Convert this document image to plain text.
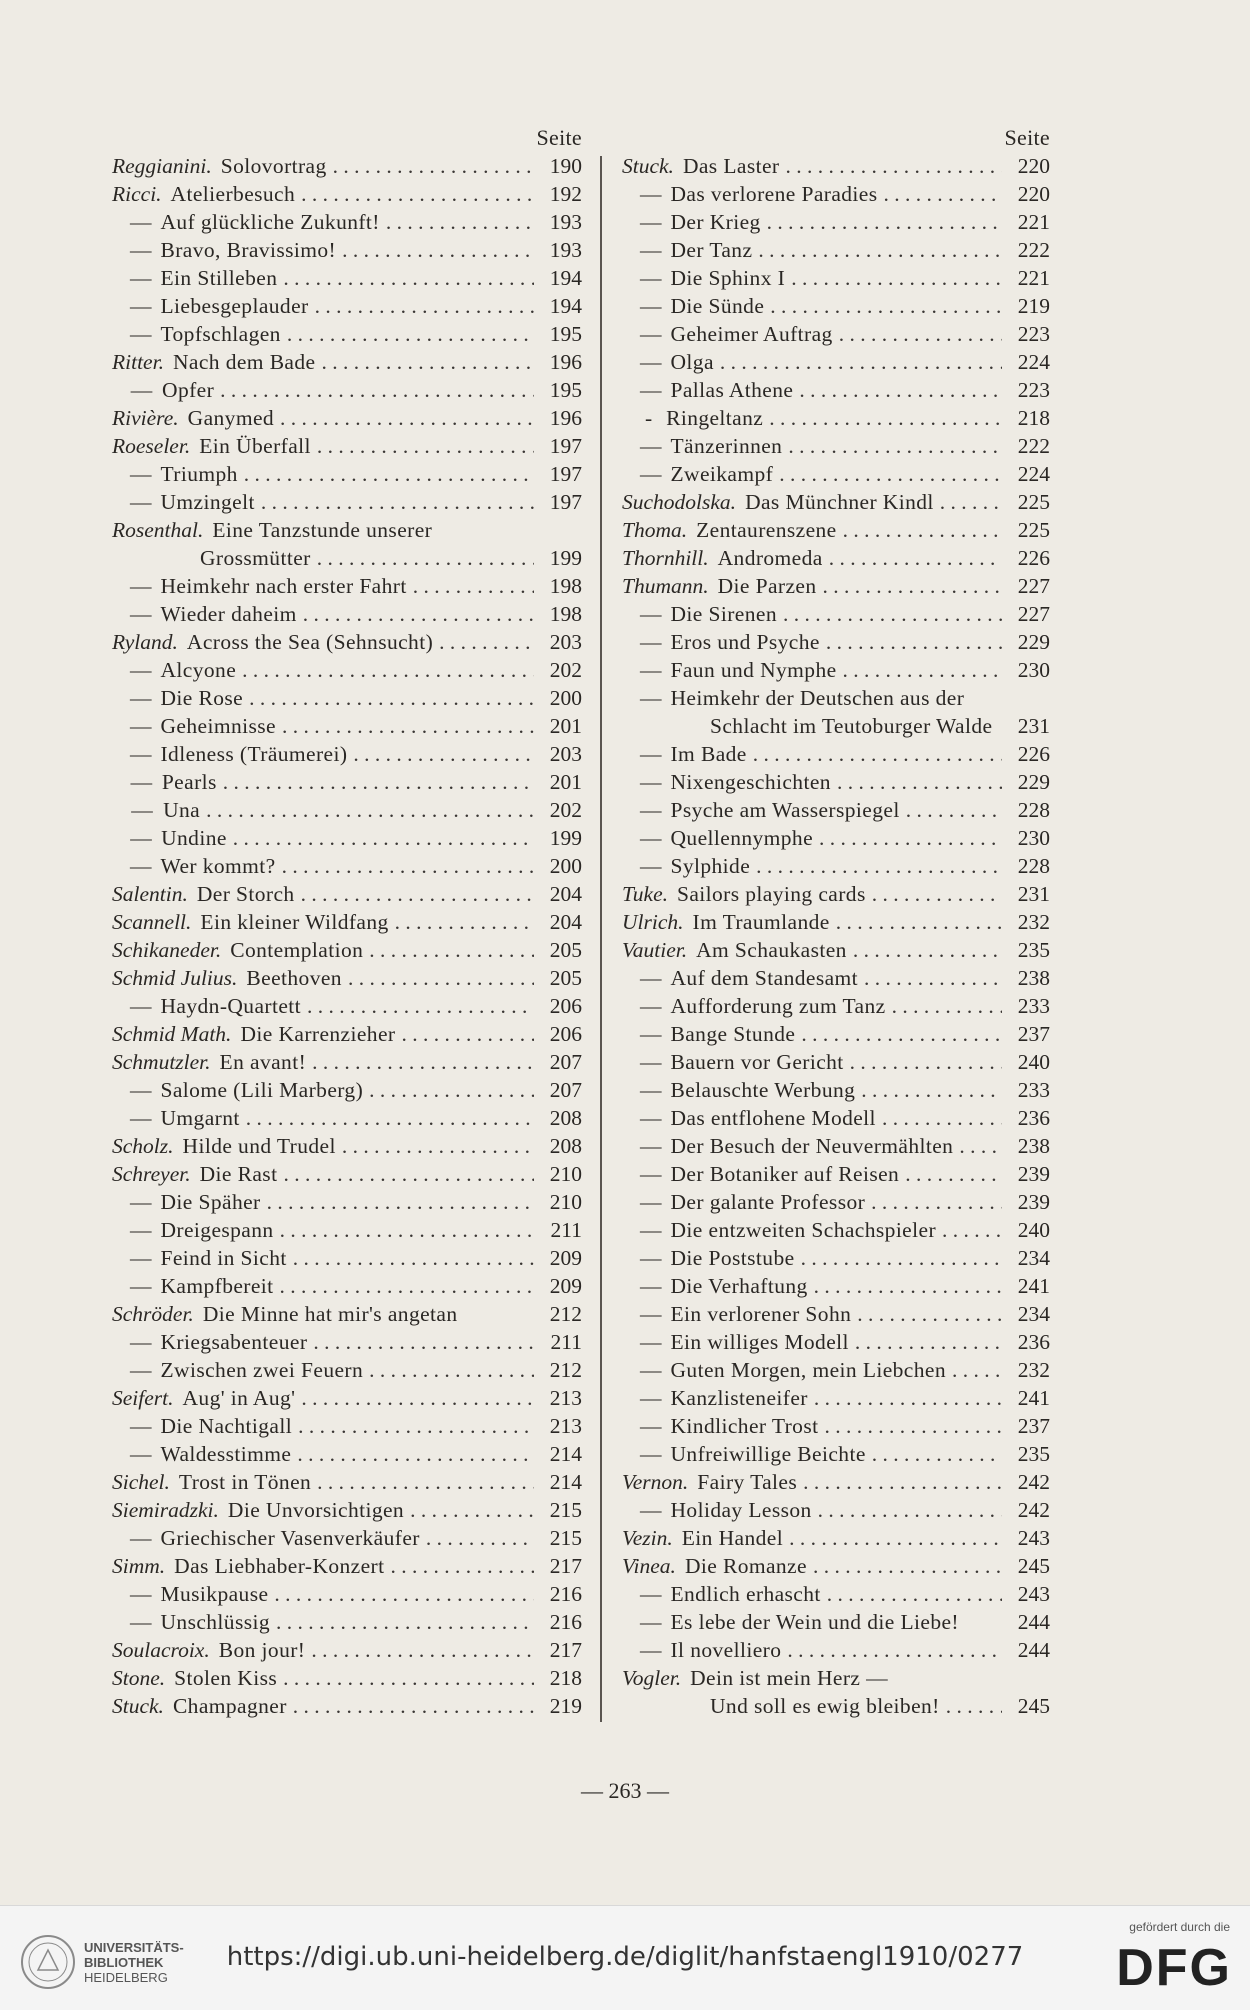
Seite
Reggianini. Solovortrag . . .	190
Ricci. Atelierbesuch . . .	192
— Auf glückliche Zukunft! . . .	193
— Bravo, Bravissimo! . . .	193
— Ein Stilleben . . .	194
— Liebesgeplauder . . .	194
— Topfschlagen . . .	195
Ritter. Nach dem Bade . . .	196
— Opfer . . .	195
Rivière. Ganymed . . .	196
Roeseler. Ein Überfall . . .	197
— Triumph . . .	197
— Umzingelt . . .	197
Rosenthal. Eine Tanzstunde unserer
Grossmütter . . .	199
— Heimkehr nach erster Fahrt . . .	198
— Wieder daheim . . .	198
Ryland. Across the Sea (Sehnsucht) . . .	203
— Alcyone . . .	202
— Die Rose . . .	200
— Geheimnisse . . .	201
— Idleness (Träumerei) . . .	203
— Pearls . . .	201
— Una . . .	202
— Undine . . .	199
— Wer kommt? . . .	200
Salentin. Der Storch . . .	204
Scannell. Ein kleiner Wildfang . . .	204
Schikaneder. Contemplation . . .	205
Schmid Julius. Beethoven . . .	205
— Haydn-Quartett . . .	206
Schmid Math. Die Karrenzieher . . .	206
Schmutzler. En avant! . . .	207
— Salome (Lili Marberg) . . .	207
— Umgarnt . . .	208
Scholz. Hilde und Trudel . . .	208
Schreyer. Die Rast . . .	210
— Die Späher . . .	210
— Dreigespann . . .	211
— Feind in Sicht . . .	209
— Kampfbereit . . .	209
Schröder. Die Minne hat mir's angetan	212
— Kriegsabenteuer . . .	211
— Zwischen zwei Feuern . . .	212
Seifert. Aug' in Aug' . . .	213
— Die Nachtigall . . .	213
— Waldesstimme . . .	214
Sichel. Trost in Tönen . . .	214
Siemiradzki. Die Unvorsichtigen . . .	215
— Griechischer Vasenverkäufer . . .	215
Simm. Das Liebhaber-Konzert . . .	217
— Musikpause . . .	216
— Unschlüssig . . .	216
Soulacroix. Bon jour! . . .	217
Stone. Stolen Kiss . . .	218
Stuck. Champagner . . .	219
Seite
Stuck. Das Laster . . .	220
— Das verlorene Paradies . . .	220
— Der Krieg . . .	221
— Der Tanz . . .	222
— Die Sphinx I . . .	221
— Die Sünde . . .	219
— Geheimer Auftrag . . .	223
— Olga . . .	224
— Pallas Athene . . .	223
- Ringeltanz . . .	218
— Tänzerinnen . . .	222
— Zweikampf . . .	224
Suchodolska. Das Münchner Kindl . . .	225
Thoma. Zentaurenszene . . .	225
Thornhill. Andromeda . . .	226
Thumann. Die Parzen . . .	227
— Die Sirenen . . .	227
— Eros und Psyche . . .	229
— Faun und Nymphe . . .	230
— Heimkehr der Deutschen aus der
Schlacht im Teutoburger Walde	231
— Im Bade . . .	226
— Nixengeschichten . . .	229
— Psyche am Wasserspiegel . . .	228
— Quellennymphe . . .	230
— Sylphide . . .	228
Tuke. Sailors playing cards . . .	231
Ulrich. Im Traumlande . . .	232
Vautier. Am Schaukasten . . .	235
— Auf dem Standesamt . . .	238
— Aufforderung zum Tanz . . .	233
— Bange Stunde . . .	237
— Bauern vor Gericht . . .	240
— Belauschte Werbung . . .	233
— Das entflohene Modell . . .	236
— Der Besuch der Neuvermählten . . .	238
— Der Botaniker auf Reisen . . .	239
— Der galante Professor . . .	239
— Die entzweiten Schachspieler . . .	240
— Die Poststube . . .	234
— Die Verhaftung . . .	241
— Ein verlorener Sohn . . .	234
— Ein williges Modell . . .	236
— Guten Morgen, mein Liebchen . . .	232
— Kanzlisteneifer . . .	241
— Kindlicher Trost . . .	237
— Unfreiwillige Beichte . . .	235
Vernon. Fairy Tales . . .	242
— Holiday Lesson . . .	242
Vezin. Ein Handel . . .	243
Vinea. Die Romanze . . .	245
— Endlich erhascht . . .	243
— Es lebe der Wein und die Liebe!	244
— Il novelliero . . .	244
Vogler. Dein ist mein Herz —
Und soll es ewig bleiben! . . .	245
— 263 —
UNIVERSITÄTS-
BIBLIOTHEK
HEIDELBERG
https://digi.ub.uni-heidelberg.de/diglit/hanfstaengl1910/0277
gefördert durch die
DFG
